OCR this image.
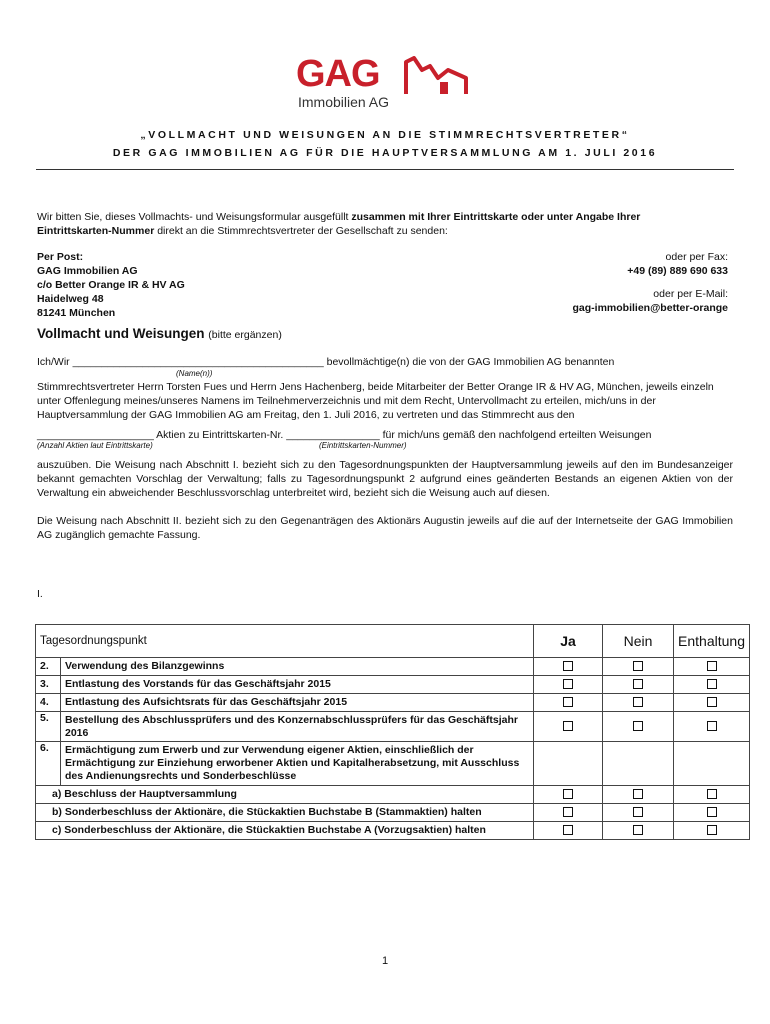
GAG
Immobilien AG
„VOLLMACHT UND WEISUNGEN AN DIE STIMMRECHTSVERTRETER“
DER GAG IMMOBILIEN AG FÜR DIE HAUPTVERSAMMLUNG AM 1. JULI 2016
Wir bitten Sie, dieses Vollmachts- und Weisungsformular ausgefüllt zusammen mit Ihrer Eintrittskarte oder unter Angabe Ihrer
Eintrittskarten-Nummer direkt an die Stimmrechtsvertreter der Gesellschaft zu senden:
Per Post:
GAG Immobilien AG
c/o Better Orange IR & HV AG
Haidelweg 48
81241 München
oder per Fax:
+49 (89) 889 690 633
oder per E-Mail:
gag-immobilien@better-orange
Vollmacht und Weisungen (bitte ergänzen)
Ich/Wir ___________________________________________ bevollmächtige(n) die von der GAG Immobilien AG benannten
(Name(n))
Stimmrechtsvertreter Herrn Torsten Fues und Herrn Jens Hachenberg, beide Mitarbeiter der Better Orange IR & HV AG, München, jeweils einzeln unter Offenlegung meines/unseres Namens im Teilnehmerverzeichnis und mit dem Recht, Untervollmacht zu erteilen, mich/uns in der Hauptversammlung der GAG Immobilien AG am Freitag, den 1. Juli 2016, zu vertreten und das Stimmrecht aus den
____________________ Aktien zu Eintrittskarten-Nr. ________________ für mich/uns gemäß den nachfolgend erteilten Weisungen
(Anzahl Aktien laut Eintrittskarte)	(Eintrittskarten-Nummer)
auszuüben. Die Weisung nach Abschnitt I. bezieht sich zu den Tagesordnungspunkten der Hauptversammlung jeweils auf den im Bundesanzeiger bekannt gemachten Vorschlag der Verwaltung; falls zu Tagesordnungspunkt 2 aufgrund eines geänderten Bestands an eigenen Aktien von der Verwaltung ein abweichender Beschlussvorschlag unterbreitet wird, bezieht sich die Weisung auch auf diesen.
Die Weisung nach Abschnitt II. bezieht sich zu den Gegenanträgen des Aktionärs Augustin jeweils auf die auf der Internetseite der GAG Immobilien AG zugänglich gemachte Fassung.
I.
Tagesordnungspunkt		Ja	Nein	Enthaltung
2.	Verwendung des Bilanzgewinns			
3.	Entlastung des Vorstands für das Geschäftsjahr 2015			
4.	Entlastung des Aufsichtsrats für das Geschäftsjahr 2015			
5.	Bestellung des Abschlussprüfers und des Konzernabschlussprüfers für das Geschäftsjahr 2016			
6.	Ermächtigung zum Erwerb und zur Verwendung eigener Aktien, einschließlich der Ermächtigung zur Einziehung erworbener Aktien und Kapitalherabsetzung, mit Ausschluss des Andienungsrechts und Sonderbeschlüsse			
a) Beschluss der Hauptversammlung				
b) Sonderbeschluss der Aktionäre, die Stückaktien Buchstabe B (Stammaktien) halten				
c) Sonderbeschluss der Aktionäre, die Stückaktien Buchstabe A (Vorzugsaktien) halten				
1
